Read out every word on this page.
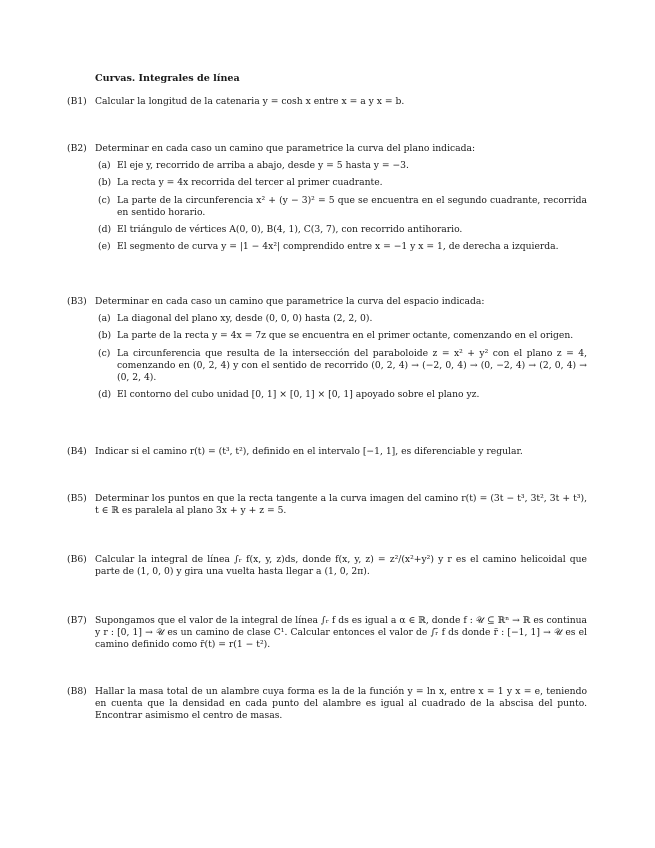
Curvas. Integrales de línea
(B1) Calcular la longitud de la catenaria y = cosh x entre x = a y x = b.
(B2) Determinar en cada caso un camino que parametrice la curva del plano indicada:
(a) El eje y, recorrido de arriba a abajo, desde y = 5 hasta y = −3.
(b) La recta y = 4x recorrida del tercer al primer cuadrante.
(c) La parte de la circunferencia x² + (y − 3)² = 5 que se encuentra en el segundo cuadrante, recorrida en sentido horario.
(d) El triángulo de vértices A(0, 0), B(4, 1), C(3, 7), con recorrido antihorario.
(e) El segmento de curva y = |1 − 4x²| comprendido entre x = −1 y x = 1, de derecha a izquierda.
(B3) Determinar en cada caso un camino que parametrice la curva del espacio indicada:
(a) La diagonal del plano xy, desde (0, 0, 0) hasta (2, 2, 0).
(b) La parte de la recta y = 4x = 7z que se encuentra en el primer octante, comenzando en el origen.
(c) La circunferencia que resulta de la intersección del paraboloide z = x² + y² con el plano z = 4, comenzando en (0, 2, 4) y con el sentido de recorrido (0, 2, 4) → (−2, 0, 4) → (0, −2, 4) → (2, 0, 4) → (0, 2, 4).
(d) El contorno del cubo unidad [0, 1] × [0, 1] × [0, 1] apoyado sobre el plano yz.
(B4) Indicar si el camino r(t) = (t³, t²), definido en el intervalo [−1, 1], es diferenciable y regular.
(B5) Determinar los puntos en que la recta tangente a la curva imagen del camino r(t) = (3t − t³, 3t², 3t + t³), t ∈ ℝ es paralela al plano 3x + y + z = 5.
(B6) Calcular la integral de línea ∫ᵣ f(x, y, z)ds, donde f(x, y, z) = z²/(x²+y²) y r es el camino helicoidal que parte de (1, 0, 0) y gira una vuelta hasta llegar a (1, 0, 2π).
(B7) Supongamos que el valor de la integral de línea ∫ᵣ f ds es igual a α ∈ ℝ, donde f : 𝒰 ⊆ ℝⁿ → ℝ es continua y r : [0, 1] → 𝒰 es un camino de clase C¹. Calcular entonces el valor de ∫ᵣ̃ f ds donde r̃ : [−1, 1] → 𝒰 es el camino definido como r̃(t) = r(1 − t²).
(B8) Hallar la masa total de un alambre cuya forma es la de la función y = ln x, entre x = 1 y x = e, teniendo en cuenta que la densidad en cada punto del alambre es igual al cuadrado de la abscisa del punto. Encontrar asimismo el centro de masas.
